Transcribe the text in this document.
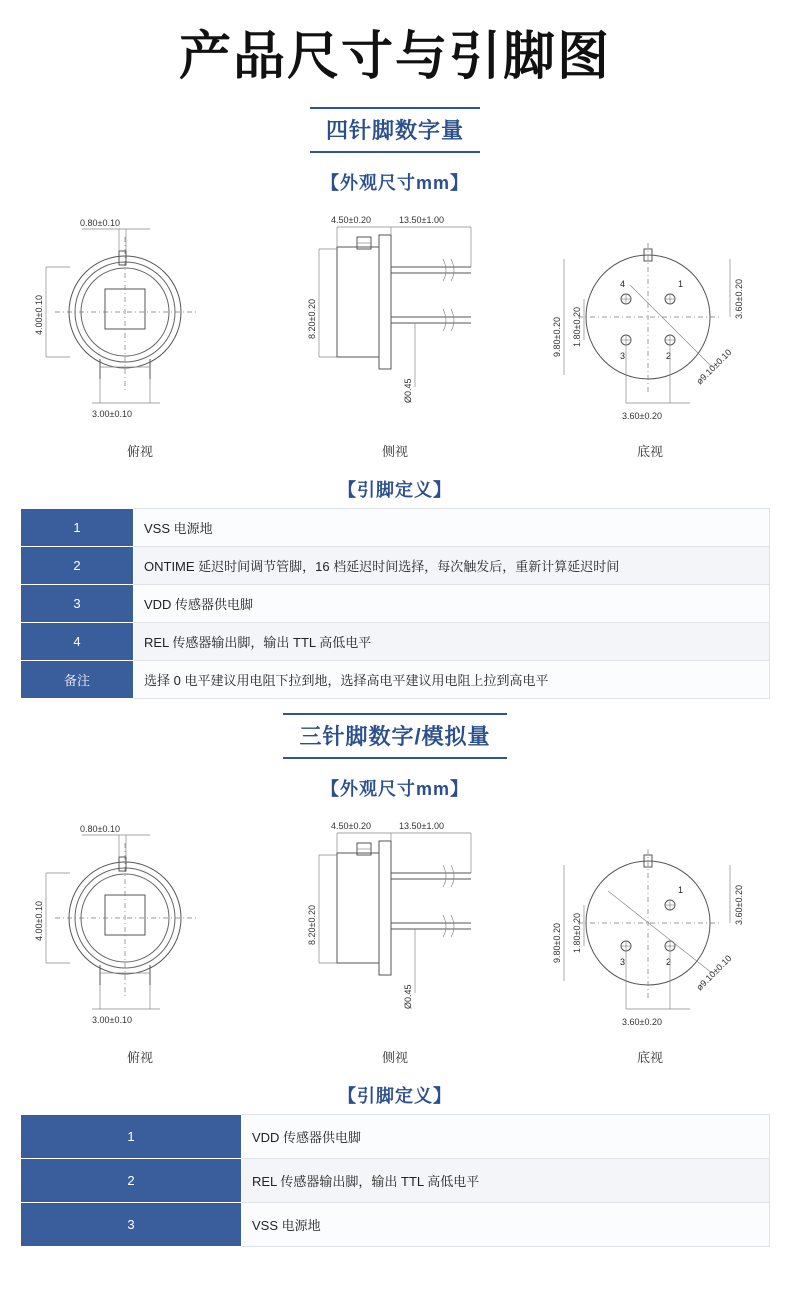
产品尺寸与引脚图
四针脚数字量
【外观尺寸mm】
0.80±0.10
4.00±0.10
3.00±0.10
俯视
4.50±0.20	13.50±1.00
8.20±0.20
Ø0.45
侧视
4	1
3	2	ø9.10±0.10
9.80±0.20 1.80±0.20
3.60±0.20
3.60±0.20
底视
【引脚定义】
1	VSS 电源地
2	ONTIME 延迟时间调节管脚，16 档延迟时间选择，每次触发后，重新计算延迟时间
3	VDD 传感器供电脚
4	REL 传感器输出脚，输出 TTL 高低电平
备注	选择 0 电平建议用电阻下拉到地，选择高电平建议用电阻上拉到高电平
三针脚数字/模拟量
【外观尺寸mm】
0.80±0.10
4.00±0.10
3.00±0.10
俯视
4.50±0.20	13.50±1.00
8.20±0.20
Ø0.45
侧视
1
3	2	ø9.10±0.10
9.80±0.20 1.80±0.20
3.60±0.20
3.60±0.20
底视
【引脚定义】
1	VDD 传感器供电脚
2	REL 传感器输出脚，输出 TTL 高低电平
3	VSS 电源地
